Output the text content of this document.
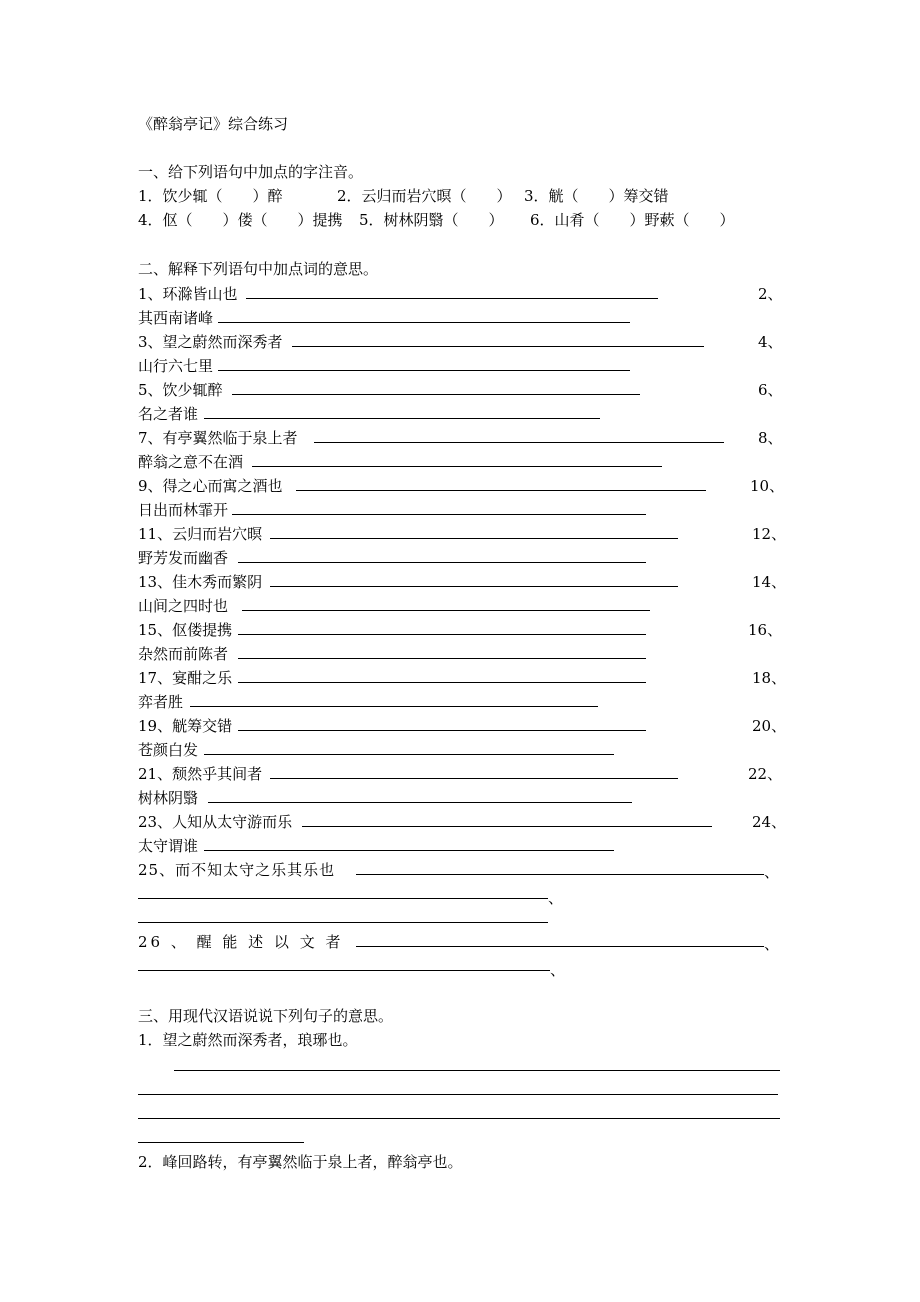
《醉翁亭记》综合练习
一、给下列语句中加点的字注音。
1．饮少辄（　　）醉	2．云归而岩穴暝（　　） 3．觥（　　）筹交错
4．伛（　　）偻（　　）提携 5．树林阴翳（　　） 6．山肴（　　）野蔌（　　）
二、解释下列语句中加点词的意思。
1、环滁皆山也	2、
其西南诸峰
3、望之蔚然而深秀者	4、
山行六七里
5、饮少辄醉	6、
名之者谁
7、有亭翼然临于泉上者	8、
醉翁之意不在酒
9、得之心而寓之酒也	10、
日出而林霏开
11、云归而岩穴暝	12、
野芳发而幽香
13、佳木秀而繁阴	14、
山间之四时也
15、伛偻提携	16、
杂然而前陈者
17、宴酣之乐	18、
弈者胜
19、觥筹交错	20、
苍颜白发
21、颓然乎其间者	22、
树林阴翳
23、人知从太守游而乐	24、
太守谓谁
25、而不知太守之乐其乐也	、
、
26 、 醒 能 述 以 文 者	、
、
三、用现代汉语说说下列句子的意思。
1．望之蔚然而深秀者，琅琊也。
2．峰回路转，有亭翼然临于泉上者，醉翁亭也。
